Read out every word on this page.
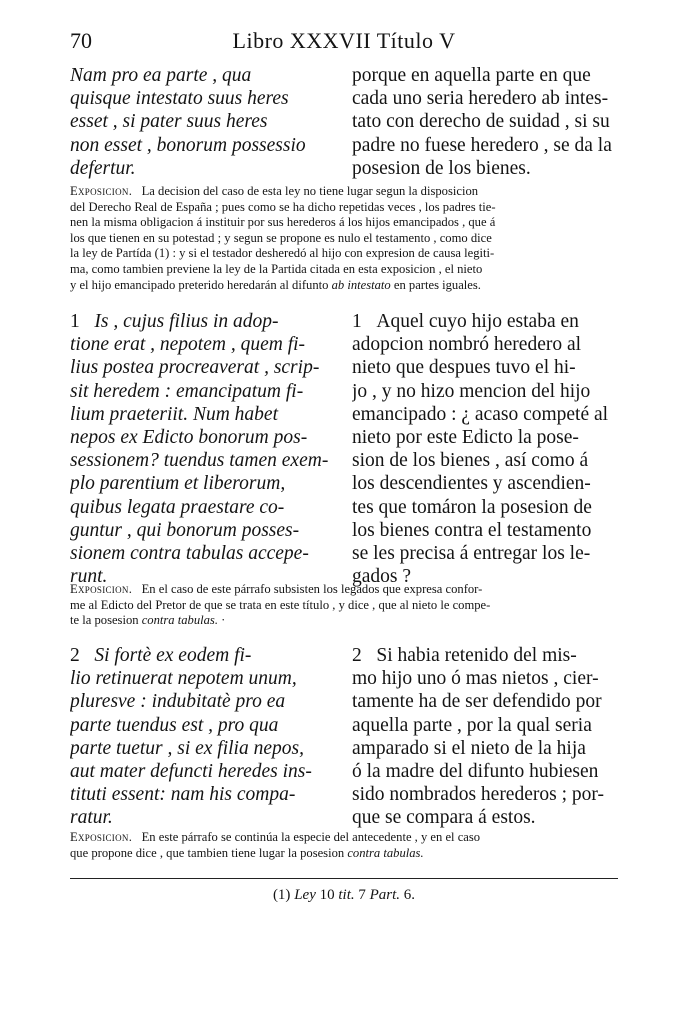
70	Libro XXXVII Título V
Nam pro ea parte , qua
quisque intestato suus heres
esset , si pater suus heres
non esset , bonorum possessio
defertur.
porque en aquella parte en que
cada uno seria heredero ab intes-
tato con derecho de suidad , si su
padre no fuese heredero , se da la
posesion de los bienes.
Exposicion. La decision del caso de esta ley no tiene lugar segun la disposicion
del Derecho Real de España ; pues como se ha dicho repetidas veces , los padres tie-
nen la misma obligacion á instituir por sus herederos á los hijos emancipados , que á
los que tienen en su potestad ; y segun se propone es nulo el testamento , como dice
la ley de Partída (1) : y si el testador desheredó al hijo con expresion de causa legiti-
ma, como tambien previene la ley de la Partida citada en esta exposicion , el nieto
y el hijo emancipado preterido heredarán al difunto ab intestato en partes iguales.
1 Is , cujus filius in adop-
tione erat , nepotem , quem fi-
lius postea procreaverat , scrip-
sit heredem : emancipatum fi-
lium praeteriit. Num habet
nepos ex Edicto bonorum pos-
sessionem? tuendus tamen exem-
plo parentium et liberorum,
quibus legata praestare co-
guntur , qui bonorum posses-
sionem contra tabulas accepe-
runt.
1 Aquel cuyo hijo estaba en
adopcion nombró heredero al
nieto que despues tuvo el hi-
jo , y no hizo mencion del hijo
emancipado : ¿ acaso competé al
nieto por este Edicto la pose-
sion de los bienes , así como á
los descendientes y ascendien-
tes que tomáron la posesion de
los bienes contra el testamento
se les precisa á entregar los le-
gados ?
Exposicion. En el caso de este párrafo subsisten los legados que expresa confor-
me al Edicto del Pretor de que se trata en este título , y dice , que al nieto le compe-
te la posesion contra tabulas. ·
2 Si fortè ex eodem fi-
lio retinuerat nepotem unum,
pluresve : indubitatè pro ea
parte tuendus est , pro qua
parte tuetur , si ex filia nepos,
aut mater defuncti heredes ins-
tituti essent: nam his compa-
ratur.
2 Si habia retenido del mis-
mo hijo uno ó mas nietos , cier-
tamente ha de ser defendido por
aquella parte , por la qual seria
amparado si el nieto de la hija
ó la madre del difunto hubiesen
sido nombrados herederos ; por-
que se compara á estos.
Exposicion. En este párrafo se continúa la especie del antecedente , y en el caso
que propone dice , que tambien tiene lugar la posesion contra tabulas.
(1) Ley 10 tit. 7 Part. 6.
